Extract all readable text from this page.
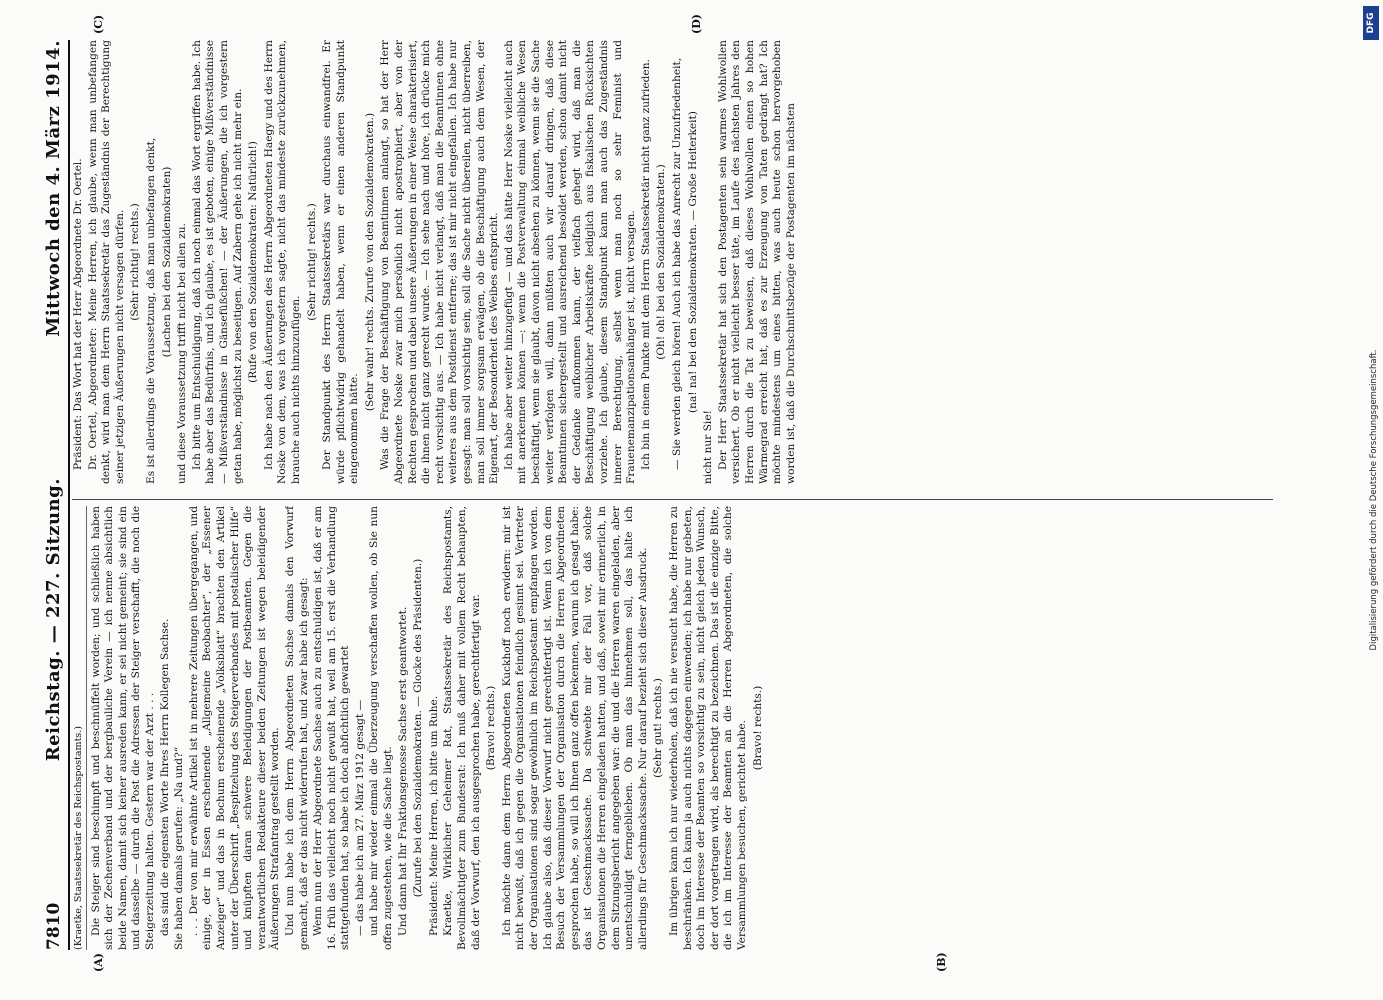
7810
Reichstag. — 227. Sitzung.
Mittwoch den 4. März 1914.
(A)	(B)
(C)	(D)
(Kraetke, Staatssekretär des Reichspostamts.) Die Steiger sind beschimpft und beschnüffelt worden; und schließlich haben sich der Zechenverband und der bergbauliche Verein — ich nenne absichtlich beide Namen, damit sich keiner ausreden kann, er sei nicht gemeint; sie sind ein und dasselbe — durch die Post die Adressen der Steiger verschafft, die noch die Steigerzeitung halten. Gestern war der Arzt . . . das sind die eigensten Worte Ihres Herrn Kollegen Sachse. Sie haben damals gerufen: „Na und?“ . . . Der von mir erwähnte Artikel ist in mehrere Zeitungen übergegangen, und einige, der in Essen erscheinende „Allgemeine Beobachter“, der „Essener Anzeiger“ und das in Bochum erscheinende „Volksblatt“ brachten den Artikel unter der Überschrift „Bespitzelung des Steigerverbandes mit postalischer Hilfe“ und knüpften daran schwere Beleidigungen der Postbeamten. Gegen die verantwortlichen Redakteure dieser beiden Zeitungen ist wegen beleidigender Äußerungen Strafantrag gestellt worden. Und nun habe ich dem Herrn Abgeordneten Sachse damals den Vorwurf gemacht, daß er das nicht widerrufen hat, und zwar habe ich gesagt: Wenn nun der Herr Abgeordnete Sachse auch zu entschuldigen ist, daß er am 16. früh das vielleicht noch nicht gewußt hat, weil am 15. erst die Verhandlung stattgefunden hat, so habe ich doch abfichtlich gewartet — das habe ich am 27. März 1912 gesagt — und habe mir wieder einmal die Überzeugung verschaffen wollen, ob Sie nun offen zugestehen, wie die Sache liegt. Und dann hat Ihr Fraktionsgenosse Sachse erst geantwortet. (Zurufe bei den Sozialdemokraten. — Glocke des Präsidenten.) Präsident: Meine Herren, ich bitte um Ruhe. Kraetke, Wirklicher Geheimer Rat, Staatssekretär des Reichspostamts, Bevollmächtigter zum Bundesrat: Ich muß daher mit vollem Recht behaupten, daß der Vorwurf, den ich ausgesprochen habe, gerechtfertigt war. (Bravo! rechts.) Ich möchte dann dem Herrn Abgeordneten Kuckhoff noch erwidern: mir ist nicht bewußt, daß ich gegen die Organisationen feindlich gesinnt sei. Vertreter der Organisationen sind sogar gewöhnlich im Reichspostamt empfangen worden. Ich glaube also, daß dieser Vorwurf nicht gerechtfertigt ist. Wenn ich von dem Besuch der Versammlungen der Organisation durch die Herren Abgeordneten gesprochen habe, so will ich Ihnen ganz offen bekennen, warum ich gesagt habe: das ist Geschmackssache. Da schwebte mir der Fall vor, daß solche Organisationen die Herren eingeladen hatten, und daß, soweit mir erinnerlich, in dem Sitzungsbericht angegeben war: die und die Herren waren eingeladen, aber unentschuldigt ferngeblieben. Ob man das hinnehmen soll, das halte ich allerdings für Geschmackssache. Nur darauf bezieht sich dieser Ausdruck. (Sehr gut! rechts.) Im übrigen kann ich nur wiederholen, daß ich nie versucht habe, die Herren zu beschränken. Ich kann ja auch nichts dagegen einwenden; ich habe nur gebeten, doch im Interesse der Beamten so vorsichtig zu sein, nicht gleich jeden Wunsch, der dort vorgetragen wird, als berechtigt zu bezeichnen. Das ist die einzige Bitte, die ich im Interesse der Beamten an die Herren Abgeordneten, die solche Versammlungen besuchen, gerichtet habe. (Bravo! rechts.)

Präsident: Das Wort hat der Herr Abgeordnete Dr. Oertel. Dr. Oertel, Abgeordneter: Meine Herren, ich glaube, wenn man unbefangen denkt, wird man dem Herrn Staatssekretär das Zugeständnis der Berechtigung seiner jetzigen Äußerungen nicht versagen dürfen. (Sehr richtig! rechts.) Es ist allerdings die Voraussetzung, daß man unbefangen denkt, (Lachen bei den Sozialdemokraten) und diese Voraussetzung trifft nicht bei allen zu. Ich bitte um Entschuldigung, daß ich noch einmal das Wort ergriffen habe. Ich habe aber das Bedürfnis, und ich glaube, es ist geboten, einige Mißverständnisse — Mißverständnisse in Gänsefüßchen! — der Äußerungen, die ich vorgestern getan habe, möglichst zu beseitigen. Auf Zabern gehe ich nicht mehr ein. (Rufe von den Sozialdemokraten: Natürlich!) Ich habe nach den Äußerungen des Herrn Abgeordneten Haegy und des Herrn Noske von dem, was ich vorgestern sagte, nicht das mindeste zurückzunehmen, brauche auch nichts hinzuzufügen.

(Sehr richtig! rechts.) Der Standpunkt des Herrn Staatssekretärs war durchaus einwandfrei. Er würde pflichtwidrig gehandelt haben, wenn er einen anderen Standpunkt eingenommen hätte.

(Sehr wahr! rechts. Zurufe von den Sozialdemokraten.) Was die Frage der Beschäftigung von Beamtinnen anlangt, so hat der Herr Abgeordnete Noske zwar mich persönlich nicht apostrophiert, aber von der Rechten gesprochen und dabei unsere Äußerungen in einer Weise charakterisiert, die ihnen nicht ganz gerecht wurde. — Ich sehe nach und höre, ich drücke mich recht vorsichtig aus. — Ich habe nicht verlangt, daß man die Beamtinnen ohne weiteres aus dem Postdienst entferne; das ist mir nicht eingefallen. Ich habe nur gesagt: man soll vorsichtig sein, soll die Sache nicht übereilen, nicht überreiben, man soll immer sorgsam erwägen, ob die Beschäftigung auch dem Wesen, der Eigenart, der Besonderheit des Weibes entspricht. Ich habe aber weiter hinzugefügt — und das hätte Herr Noske vielleicht auch mit anerkennen können —: wenn die Postverwaltung einmal weibliche Wesen beschäftigt, wenn sie glaubt, davon nicht absehen zu können, wenn sie die Sache weiter verfolgen will, dann müßten auch wir darauf dringen, daß diese Beamtinnen sichergestellt und ausreichend besoldet werden, schon damit nicht der Gedanke aufkommen kann, der vielfach gehegt wird, daß man die Beschäftigung weiblicher Arbeitskräfte lediglich aus fiskalischen Rücksichten vorziehe. Ich glaube, diesem Standpunkt kann man auch das Zugeständnis innerer Berechtigung, selbst wenn man noch so sehr Feminist und Frauenemanzipationsanhänger ist, nicht versagen. Ich bin in einem Punkte mit dem Herrn Staatssekretär nicht ganz zufrieden. (Oh! oh! bei den Sozialdemokraten.) — Sie werden gleich hören! Auch ich habe das Anrecht zur Unzufriedenheit, (na! na! bei den Sozialdemokraten. — Große Heiterkeit)

nicht nur Sie! Der Herr Staatssekretär hat sich den Postagenten sein warmes Wohlwollen versichert. Ob er nicht vielleicht besser täte, im Laufe des nächsten Jahres den Herren durch die Tat zu beweisen, daß dieses Wohlwollen einen so hohen Wärmegrad erreicht hat, daß es zur Erzeugung von Taten gedrängt hat? Ich möchte mindestens um eines bitten, was auch heute schon hervorgehoben worden ist, daß die Durchschnittsbezüge der Postagenten im nächsten

Digitalisierung gefördert durch die Deutsche Forschungsgemeinschaft.
DFG
